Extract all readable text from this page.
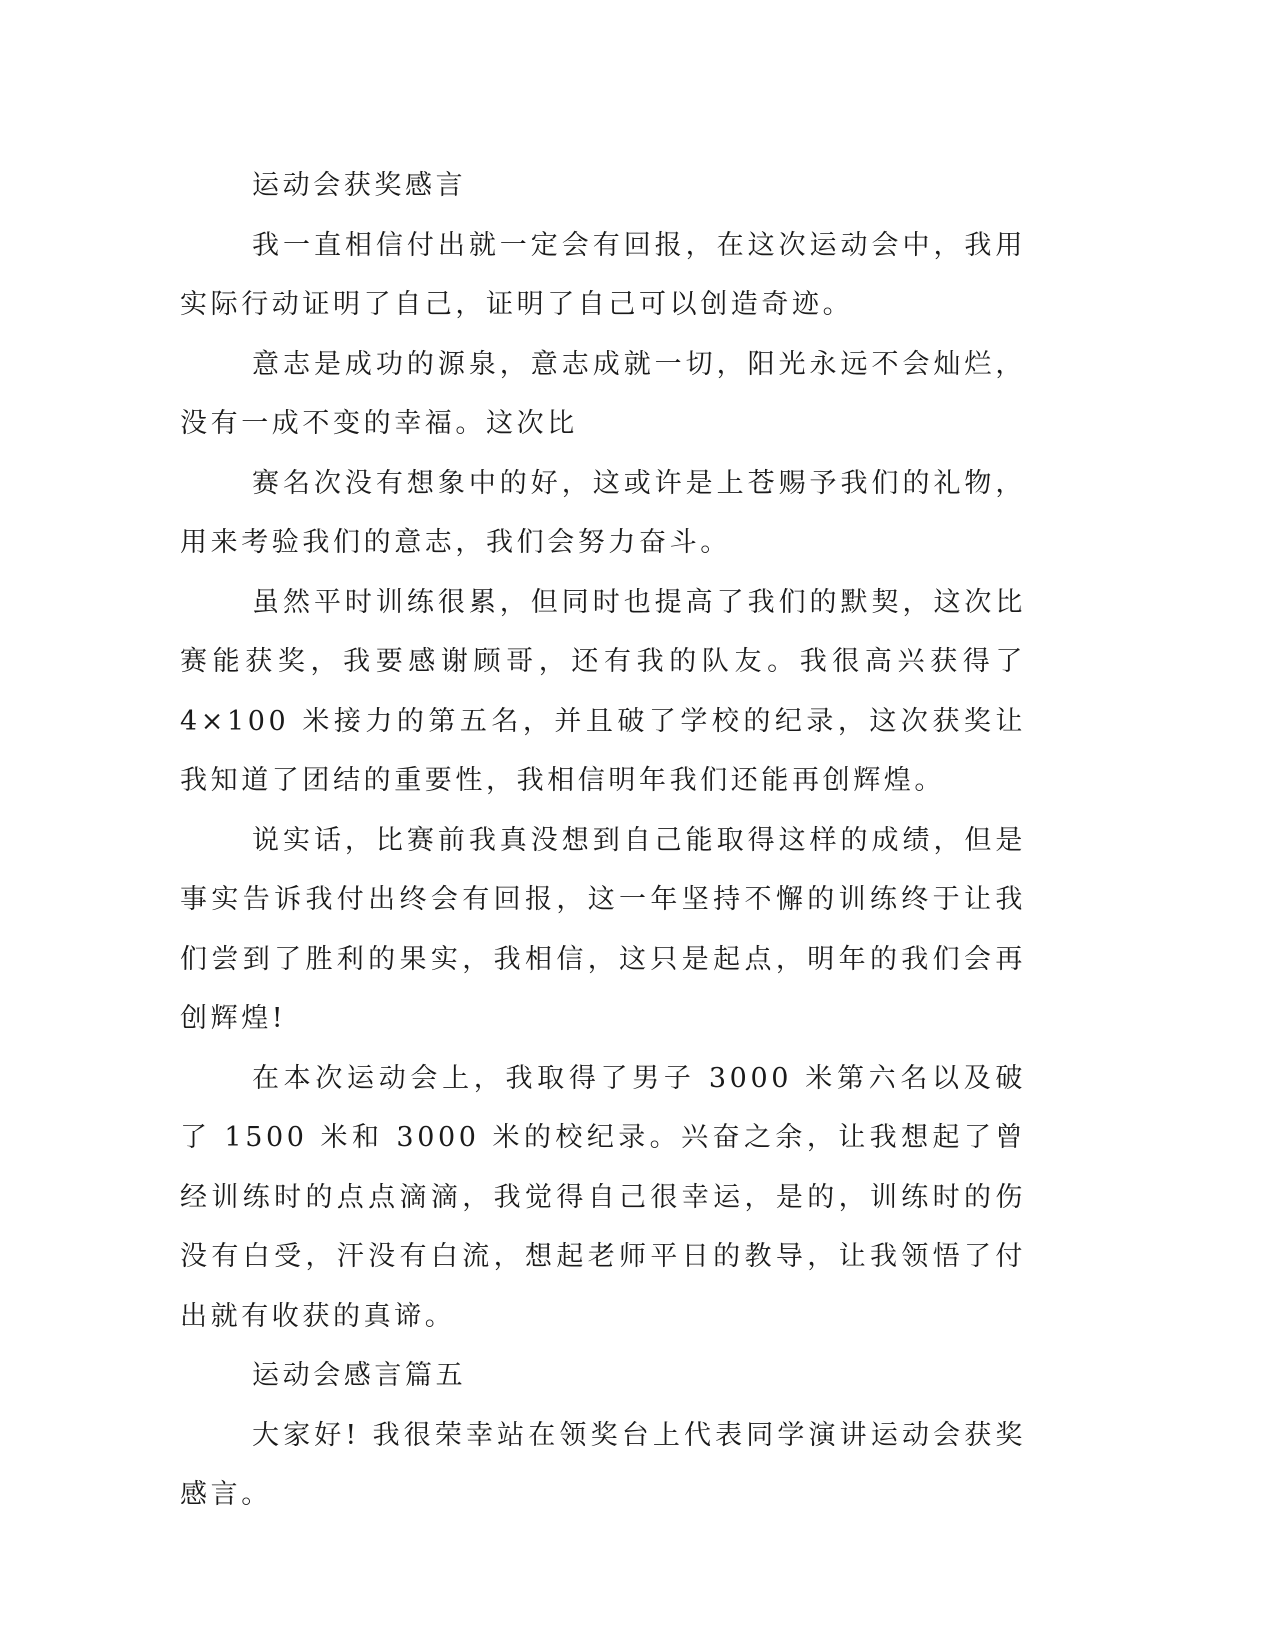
运动会获奖感言

我一直相信付出就一定会有回报，在这次运动会中，我用实际行动证明了自己，证明了自己可以创造奇迹。

意志是成功的源泉，意志成就一切，阳光永远不会灿烂，没有一成不变的幸福。这次比

赛名次没有想象中的好，这或许是上苍赐予我们的礼物，用来考验我们的意志，我们会努力奋斗。

虽然平时训练很累，但同时也提高了我们的默契，这次比赛能获奖，我要感谢顾哥，还有我的队友。我很高兴获得了 4×100 米接力的第五名，并且破了学校的纪录，这次获奖让我知道了团结的重要性，我相信明年我们还能再创辉煌。

说实话，比赛前我真没想到自己能取得这样的成绩，但是事实告诉我付出终会有回报，这一年坚持不懈的训练终于让我们尝到了胜利的果实，我相信，这只是起点，明年的我们会再创辉煌!

在本次运动会上，我取得了男子 3000 米第六名以及破了 1500 米和 3000 米的校纪录。兴奋之余，让我想起了曾经训练时的点点滴滴，我觉得自己很幸运，是的，训练时的伤没有白受，汗没有白流，想起老师平日的教导，让我领悟了付出就有收获的真谛。

运动会感言篇五

大家好! 我很荣幸站在领奖台上代表同学演讲运动会获奖感言。
